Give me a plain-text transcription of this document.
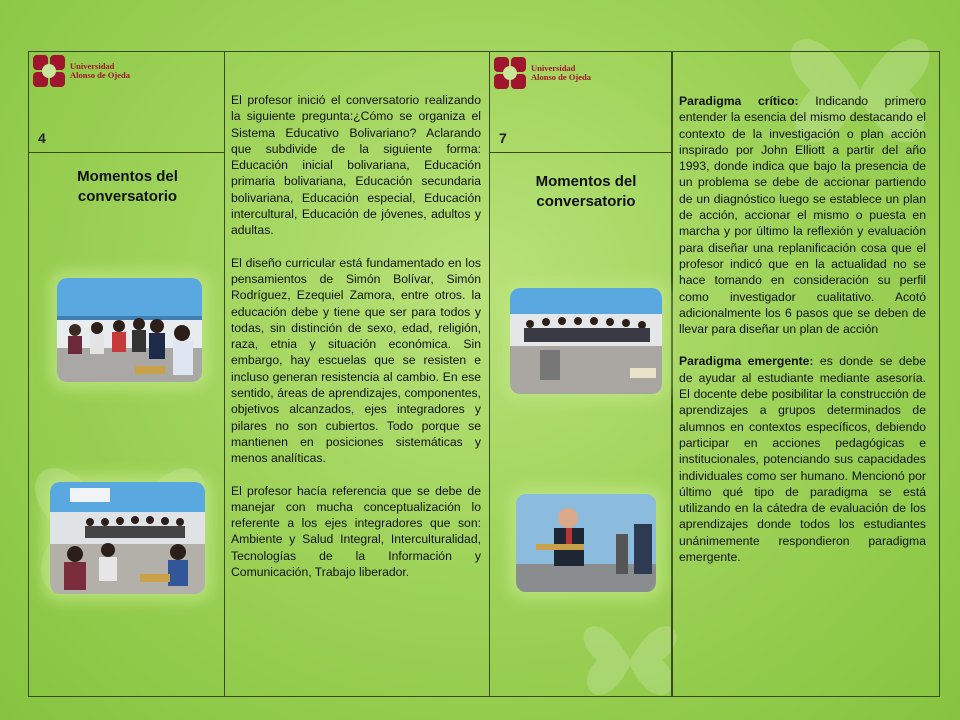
Universidad
Alonso de Ojeda
Universidad
Alonso de Ojeda
4	7
Momentos del
conversatorio
Momentos del
conversatorio

El profesor inició el conversatorio realizando la siguiente pregunta:¿Cómo se organiza el Sistema Educativo Bolivariano? Aclarando que subdivide de la siguiente forma: Educación inicial bolivariana, Educación primaria bolivariana, Educación secundaria bolivariana, Educación especial, Educación intercultural, Educación de jóvenes, adultos y adultas.

El diseño curricular está fundamentado en los pensamientos de Simón Bolívar, Simón Rodríguez, Ezequiel Zamora, entre otros. la educación debe y tiene que ser para todos y todas, sin distinción de sexo, edad, religión, raza, etnia y situación económica. Sin embargo, hay escuelas que se resisten e incluso generan resistencia al cambio. En ese sentido, áreas de aprendizajes, componentes, objetivos alcanzados, ejes integradores y pilares no son cubiertos. Todo porque se mantienen en posiciones sistemáticas y menos analíticas.

El profesor hacía referencia que se debe de manejar con mucha conceptualización lo referente a los ejes integradores que son: Ambiente y Salud Integral, Interculturalidad, Tecnologías de la Información y Comunicación, Trabajo liberador.

Paradigma crítico: Indicando primero entender la esencia del mismo destacando el contexto de la investigación o plan acción inspirado por John Elliott a partir del año 1993, donde indica que bajo la presencia de un problema se debe de accionar partiendo de un diagnóstico luego se establece un plan de acción, accionar el mismo o puesta en marcha y por último la reflexión y evaluación para diseñar una replanificación cosa que el profesor indicó que en la actualidad no se hace tomando en consideración su perfil como investigador cualitativo. Acotó adicionalmente los 6 pasos que se deben de llevar para diseñar un plan de acción

Paradigma emergente: es donde se debe de ayudar al estudiante mediante asesoría. El docente debe posibilitar la construcción de aprendizajes a grupos determinados de alumnos en contextos específicos, debiendo participar en acciones pedagógicas e institucionales, potenciando sus capacidades individuales como ser humano. Mencionó por último qué tipo de paradigma se está utilizando en la cátedra de evaluación de los aprendizajes donde todos los estudiantes unánimemente respondieron paradigma emergente.
